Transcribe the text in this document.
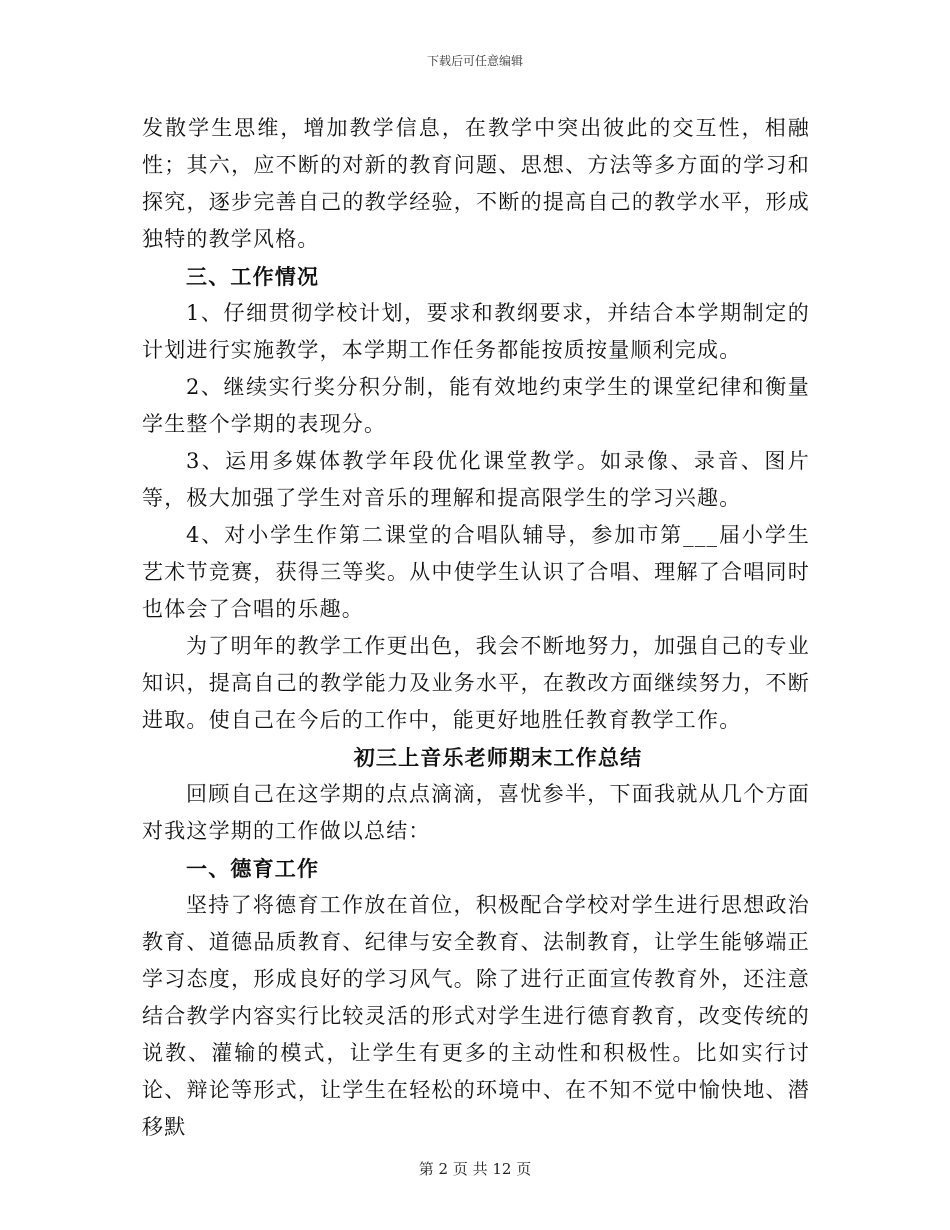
下载后可任意编辑

发散学生思维，增加教学信息，在教学中突出彼此的交互性，相融性；其六，应不断的对新的教育问题、思想、方法等多方面的学习和探究，逐步完善自己的教学经验，不断的提高自己的教学水平，形成独特的教学风格。

三、工作情况

1、仔细贯彻学校计划，要求和教纲要求，并结合本学期制定的计划进行实施教学，本学期工作任务都能按质按量顺利完成。

2、继续实行奖分积分制，能有效地约束学生的课堂纪律和衡量学生整个学期的表现分。

3、运用多媒体教学年段优化课堂教学。如录像、录音、图片等，极大加强了学生对音乐的理解和提高限学生的学习兴趣。

4、对小学生作第二课堂的合唱队辅导，参加市第___届小学生艺术节竞赛，获得三等奖。从中使学生认识了合唱、理解了合唱同时也体会了合唱的乐趣。

为了明年的教学工作更出色，我会不断地努力，加强自己的专业知识，提高自己的教学能力及业务水平，在教改方面继续努力，不断进取。使自己在今后的工作中，能更好地胜任教育教学工作。

初三上音乐老师期末工作总结

回顾自己在这学期的点点滴滴，喜忧参半，下面我就从几个方面对我这学期的工作做以总结：

一、德育工作

坚持了将德育工作放在首位，积极配合学校对学生进行思想政治教育、道德品质教育、纪律与安全教育、法制教育，让学生能够端正学习态度，形成良好的学习风气。除了进行正面宣传教育外，还注意结合教学内容实行比较灵活的形式对学生进行德育教育，改变传统的说教、灌输的模式，让学生有更多的主动性和积极性。比如实行讨论、辩论等形式，让学生在轻松的环境中、在不知不觉中愉快地、潜移默

第 2 页 共 12 页
